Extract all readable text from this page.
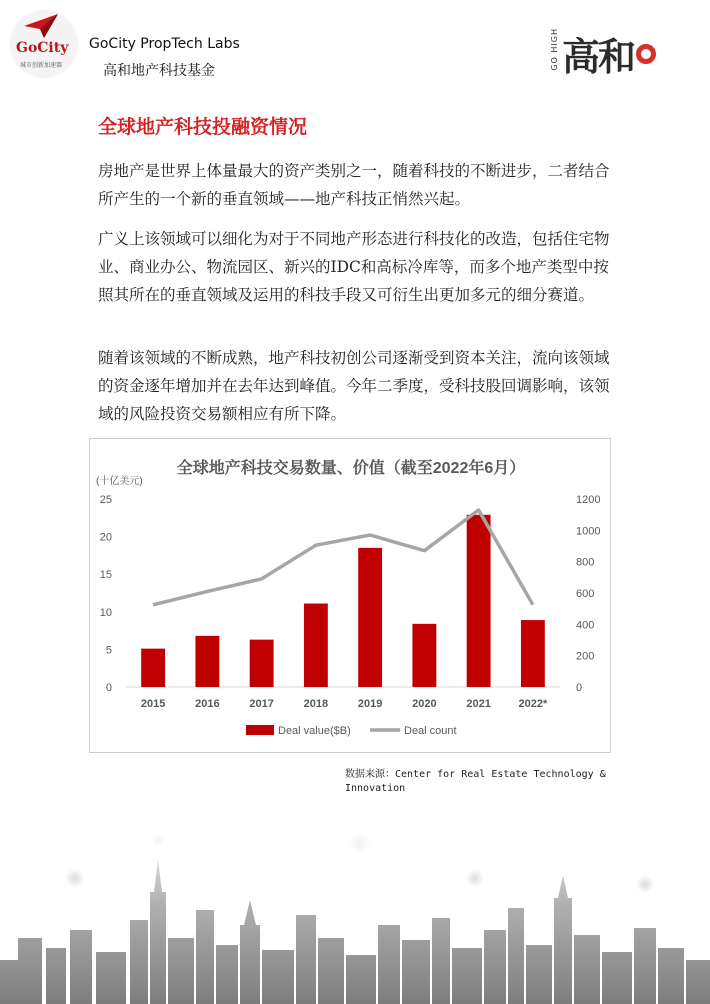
GoCity
城市创新加速器
GoCity PropTech Labs
高和地产科技基金
GO HIGH 高和
全球地产科技投融资情况

房地产是世界上体量最大的资产类别之一，随着科技的不断进步，二者结合所产生的一个新的垂直领域——地产科技正悄然兴起。

广义上该领域可以细化为对于不同地产形态进行科技化的改造，包括住宅物业、商业办公、物流园区、新兴的IDC和高标冷库等，而多个地产类型中按照其所在的垂直领域及运用的科技手段又可衍生出更加多元的细分赛道。

随着该领域的不断成熟，地产科技初创公司逐渐受到资本关注，流向该领域的资金逐年增加并在去年达到峰值。今年二季度，受科技股回调影响，该领域的风险投资交易额相应有所下降。

全球地产科技交易数量、价值（截至2022年6月）
(十亿美元)
0
5
10
15
20
25
0
200
400
600
800
1000
1200
2015	2016	2017	2018	2019	2020	2021	2022*
Deal value($B)	Deal count
数据来源：Center for Real Estate Technology & Innovation
